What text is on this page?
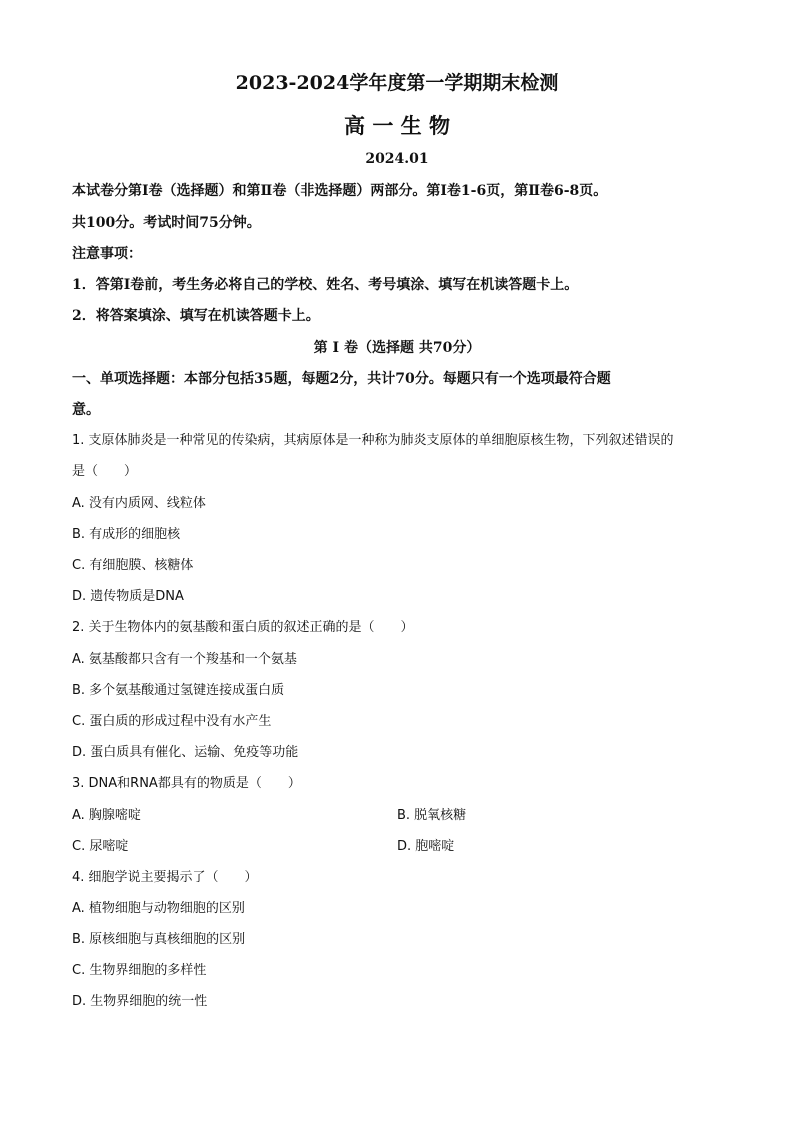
2023-2024学年度第一学期期末检测
高 一 生 物
2024.01
本试卷分第Ⅰ卷（选择题）和第Ⅱ卷（非选择题）两部分。第Ⅰ卷1-6页，第Ⅱ卷6-8页。
共100分。考试时间75分钟。
注意事项：
1．答第Ⅰ卷前，考生务必将自己的学校、姓名、考号填涂、填写在机读答题卡上。
2．将答案填涂、填写在机读答题卡上。
第 Ⅰ 卷（选择题 共70分）
一、单项选择题：本部分包括35题，每题2分，共计70分。每题只有一个选项最符合题
意。
1. 支原体肺炎是一种常见的传染病，其病原体是一种称为肺炎支原体的单细胞原核生物，下列叙述错误的
是（　　）
A. 没有内质网、线粒体
B. 有成形的细胞核
C. 有细胞膜、核糖体
D. 遗传物质是DNA
2. 关于生物体内的氨基酸和蛋白质的叙述正确的是（　　）
A. 氨基酸都只含有一个羧基和一个氨基
B. 多个氨基酸通过氢键连接成蛋白质
C. 蛋白质的形成过程中没有水产生
D. 蛋白质具有催化、运输、免疫等功能
3. DNA和RNA都具有的物质是（　　）
A. 胸腺嘧啶	B. 脱氧核糖
C. 尿嘧啶	D. 胞嘧啶
4. 细胞学说主要揭示了（　　）
A. 植物细胞与动物细胞的区别
B. 原核细胞与真核细胞的区别
C. 生物界细胞的多样性
D. 生物界细胞的统一性
